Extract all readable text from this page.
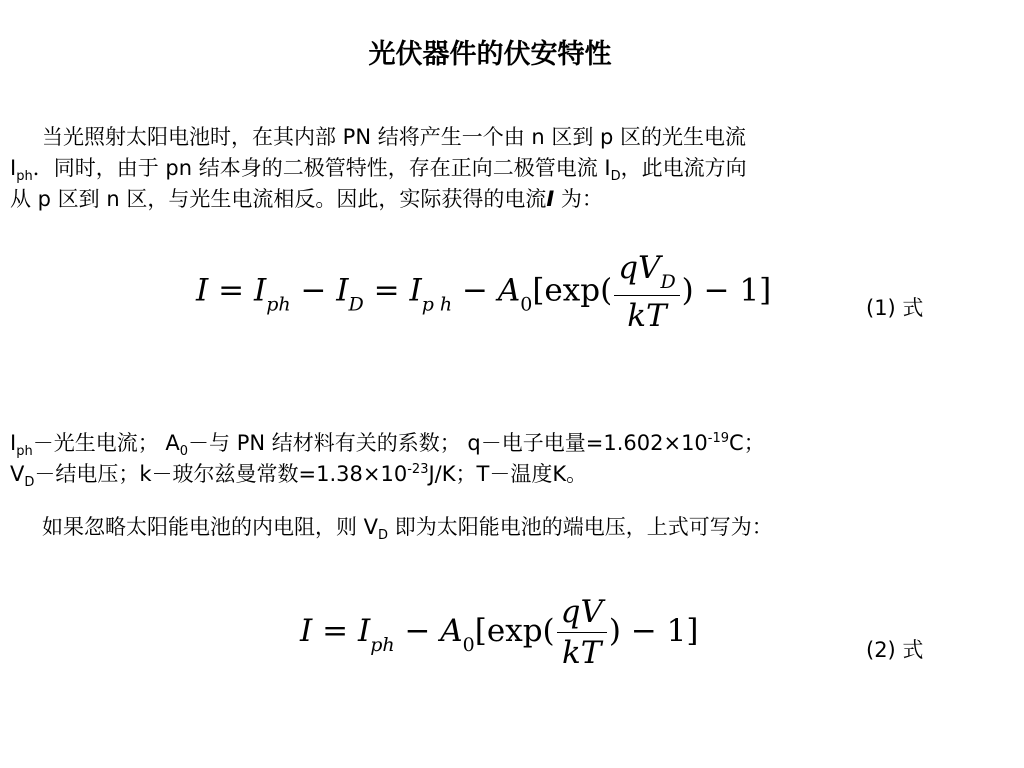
光伏器件的伏安特性
当光照射太阳电池时，在其内部 PN 结将产生一个由 n 区到 p 区的光生电流
$I_{ph}$．同时，由于 pn 结本身的二极管特性，存在正向二极管电流 $I_D$，此电流方向
从 p 区到 n 区，与光生电流相反。因此，实际获得的电流I 为：
$I = I_{ph} - I_D = I_{p h} - A_0[\exp( \frac{qV_D}{kT}$ ) − 1]	(1) 式
$I_{ph}-$光生电流； $A_0-$与 PN 结材料有关的系数； q－电子电量$=1.602\times 10^{-19}C$；
$V_D-$结电压；k－玻尔兹曼常数$=1.38\times 10^{-23}J/K$；T－温度K。
如果忽略太阳能电池的内电阻，则 $V_D$ 即为太阳能电池的端电压，上式可写为：
$I = I_{ph} - A_0[\exp( \frac{qV}{kT}$ ) − 1]
(2) 式
